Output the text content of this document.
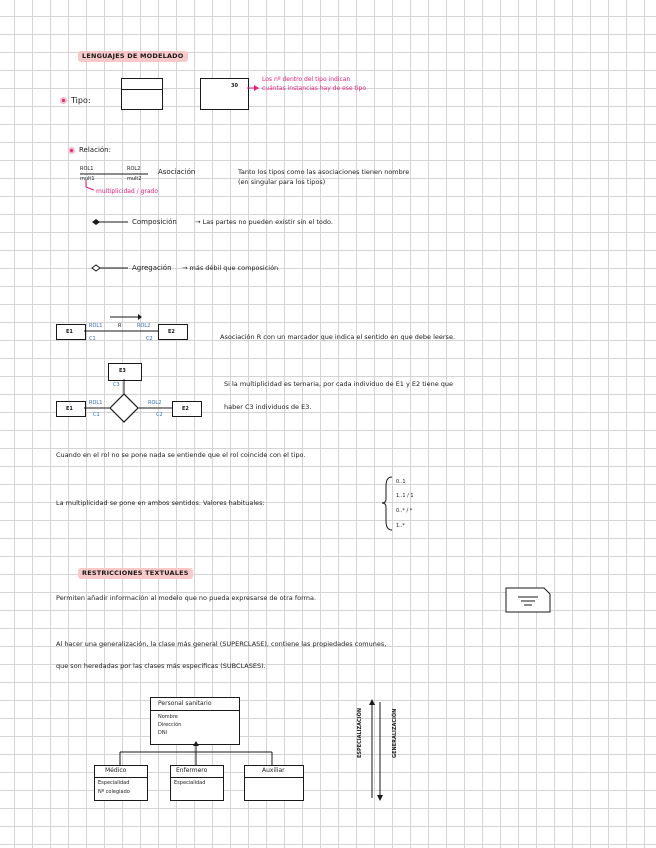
LENGUAJES DE MODELADO
Tipo:
30
Los nº dentro del tipo indican
cuántas instancias hay de ese tipo
Relación:
ROL1
mult1
ROL2
mult2
Asociación	Tanto los tipos como las asociaciones tienen nombre
(en singular para los tipos)
multiplicidad / grado
Composición	→ Las partes no pueden existir sin el todo.
Agregación → más débil que composición
E1	E2
ROL1	R	ROL2
C1	C2	Asociación R con un marcador que indica el sentido en que debe leerse.
E3
E1	E2
C3
ROL1
C1
ROL2
C2
Si la multiplicidad es ternaria, por cada individuo de E1 y E2 tiene que
haber C3 individuos de E3.
Cuando en el rol no se pone nada se entiende que el rol coincide con el tipo.
La multiplicidad se pone en ambos sentidos. Valores habituales:
0..1
1..1 / 1
0..* / *
1..*
RESTRICCIONES TEXTUALES
Permiten añadir información al modelo que no pueda expresarse de otra forma.
Al hacer una generalización, la clase más general (SUPERCLASE), contiene las propiedades comunes,
que son heredadas por las clases más específicas (SUBCLASES).
Personal sanitario
Nombre
Dirección
DNI
Médico
Especialidad
Nº colegiado
Enfermero
Especialidad
Auxiliar
ESPECIALIZACIÓN	GENERALIZACIÓN
